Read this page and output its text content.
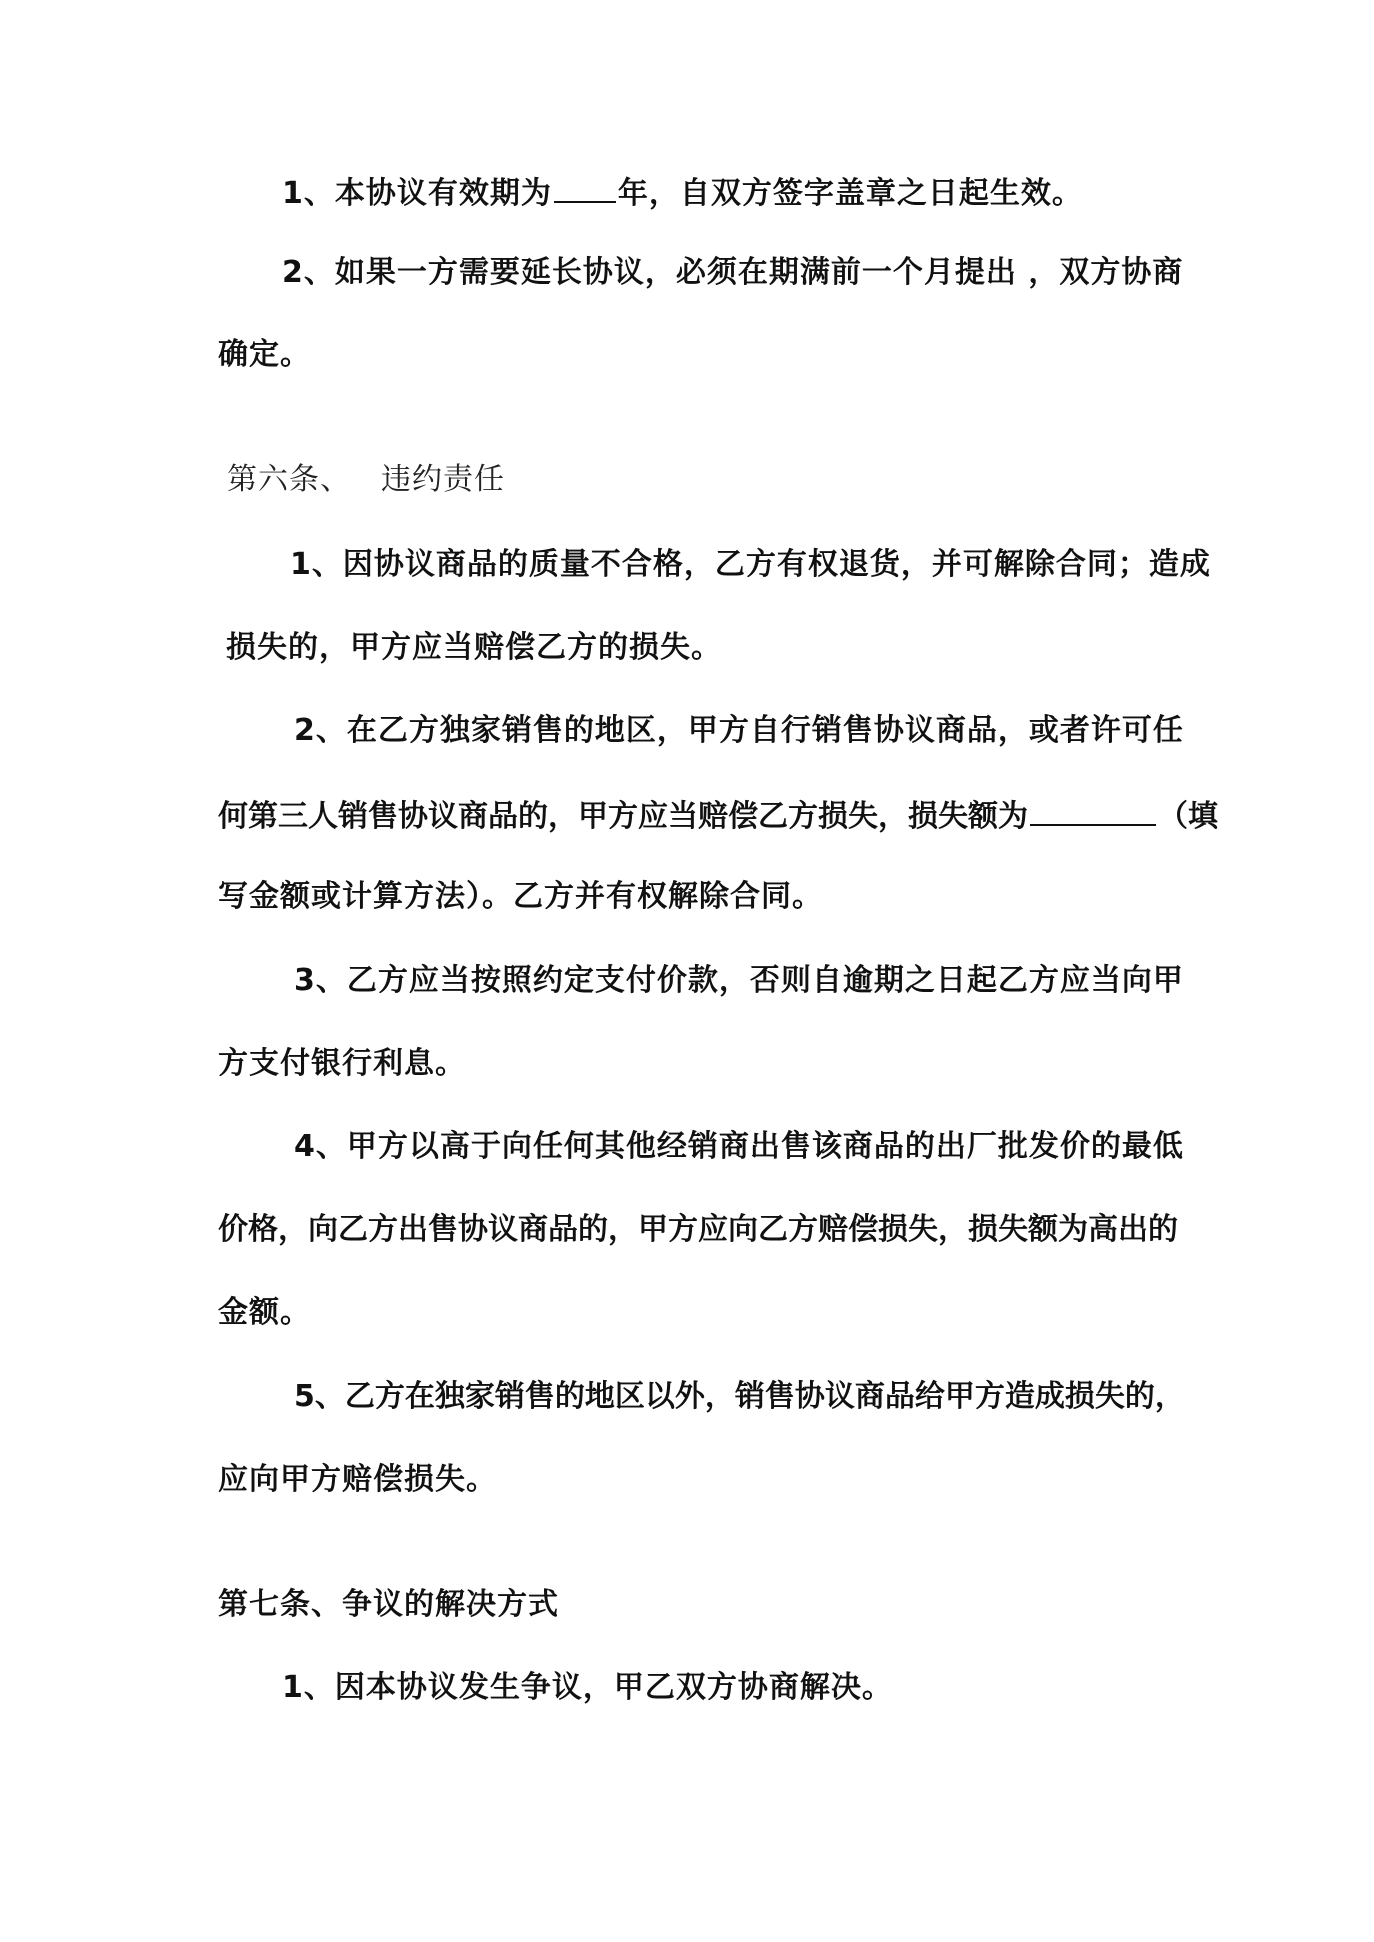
1、本协议有效期为 年，自双方签字盖章之日起生效。
2、如果一方需要延长协议，必须在期满前一个月提出 ，双方协商
确定。
第六条、 违约责任
1、因协议商品的质量不合格，乙方有权退货，并可解除合同；造成
损失的，甲方应当赔偿乙方的损失。
2、在乙方独家销售的地区，甲方自行销售协议商品，或者许可任
何第三人销售协议商品的，甲方应当赔偿乙方损失，损失额为	（填
写金额或计算方法）。乙方并有权解除合同。
3、乙方应当按照约定支付价款，否则自逾期之日起乙方应当向甲
方支付银行利息。
4、甲方以高于向任何其他经销商出售该商品的出厂批发价的最低
价格，向乙方出售协议商品的，甲方应向乙方赔偿损失，损失额为高出的
金额。
5、乙方在独家销售的地区以外，销售协议商品给甲方造成损失的，
应向甲方赔偿损失。
第七条、争议的解决方式
1、因本协议发生争议，甲乙双方协商解决。
